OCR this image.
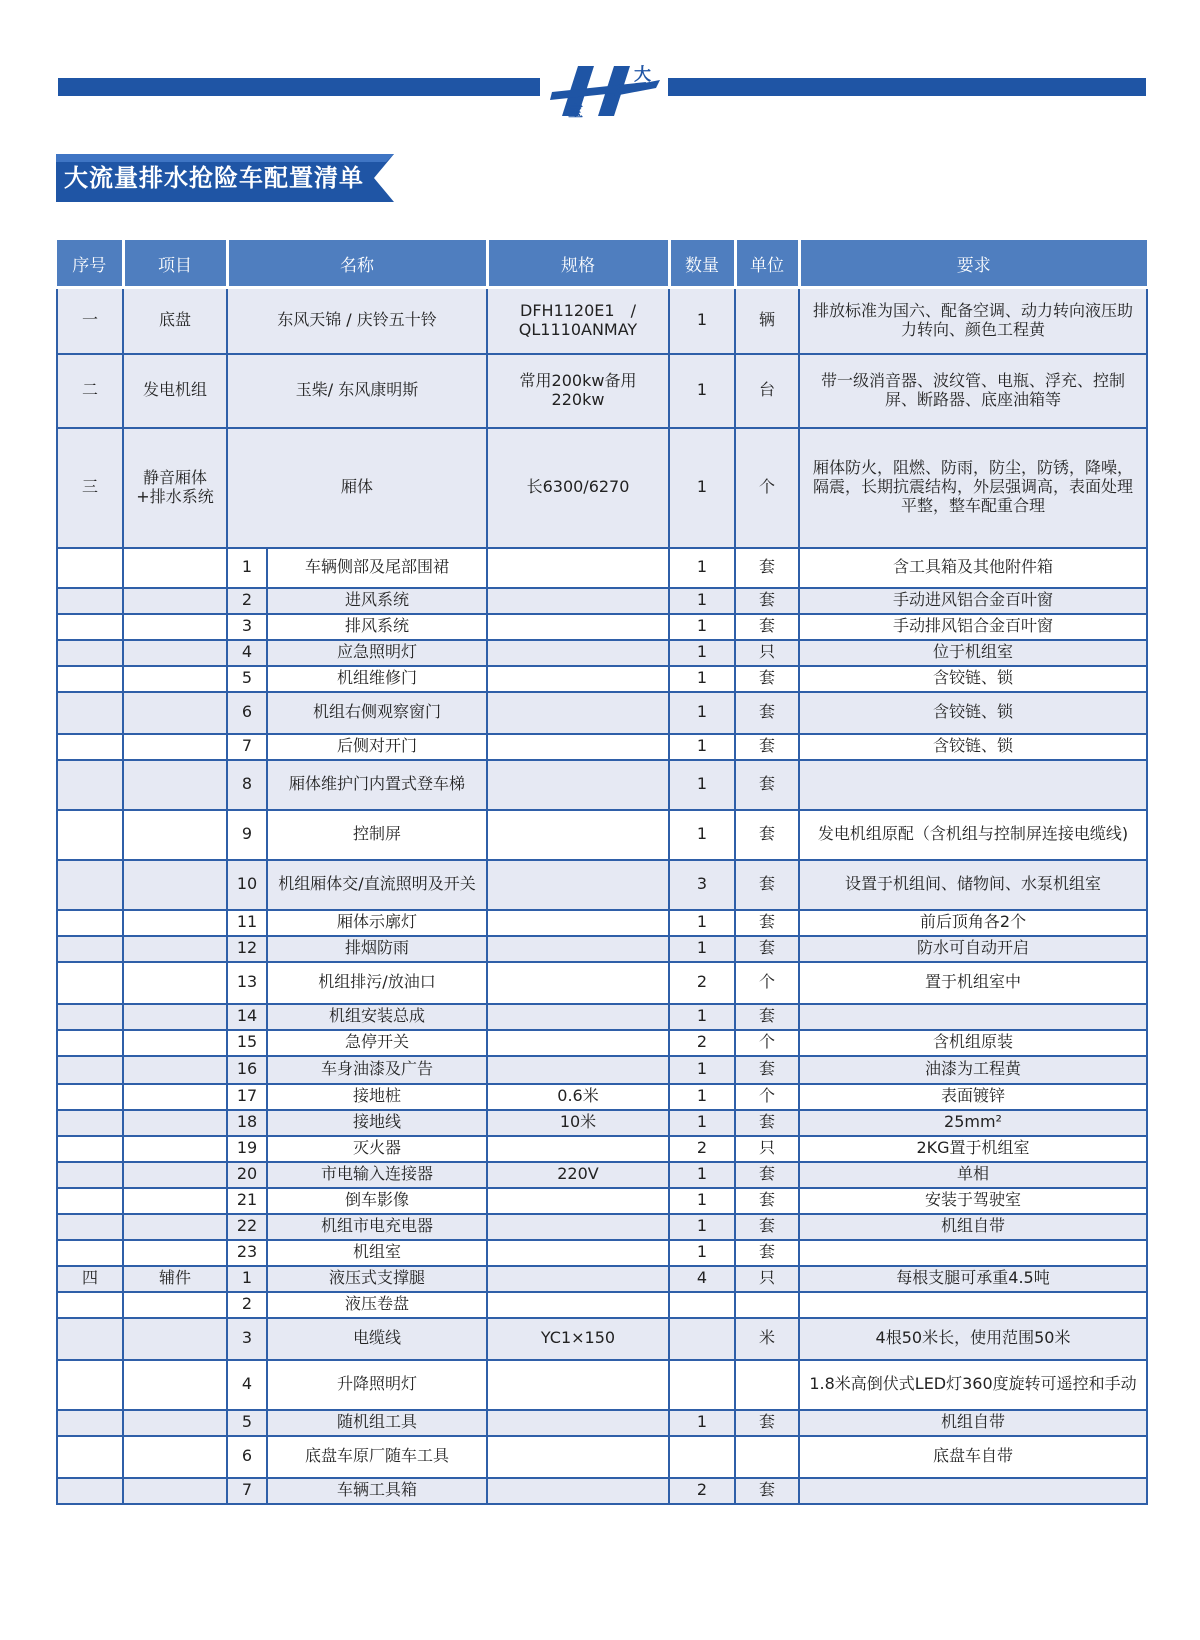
大
宝
大流量排水抢险车配置清单
序号	项目	名称		规格	数量	单位	要求
一	底盘	东风天锦 / 庆铃五十铃		DFH1120E1　/ QL1110ANMAY	1	辆	排放标准为国六、配备空调、动力转向液压助力转向、颜色工程黄
二	发电机组	玉柴/ 东风康明斯		常用200kw备用220kw	1	台	带一级消音器、波纹管、电瓶、浮充、控制屏、断路器、底座油箱等
三	静音厢体+排水系统	厢体		长6300/6270	1	个	厢体防火，阻燃、防雨，防尘，防锈，降噪，隔震，长期抗震结构，外层强调高，表面处理平整，整车配重合理
		1	车辆侧部及尾部围裙		1	套	含工具箱及其他附件箱
		2	进风系统		1	套	手动进风铝合金百叶窗
		3	排风系统		1	套	手动排风铝合金百叶窗
		4	应急照明灯		1	只	位于机组室
		5	机组维修门		1	套	含铰链、锁
		6	机组右侧观察窗门		1	套	含铰链、锁
		7	后侧对开门		1	套	含铰链、锁
		8	厢体维护门内置式登车梯		1	套	
		9	控制屏		1	套	发电机组原配（含机组与控制屏连接电缆线)
		10	机组厢体交/直流照明及开关		3	套	设置于机组间、储物间、水泵机组室
		11	厢体示廓灯		1	套	前后顶角各2个
		12	排烟防雨		1	套	防水可自动开启
		13	机组排污/放油口		2	个	置于机组室中
		14	机组安装总成		1	套	
		15	急停开关		2	个	含机组原装
		16	车身油漆及广告		1	套	油漆为工程黄
		17	接地桩	0.6米	1	个	表面镀锌
		18	接地线	10米	1	套	25mm²
		19	灭火器		2	只	2KG置于机组室
		20	市电输入连接器	220V	1	套	单相
		21	倒车影像		1	套	安装于驾驶室
		22	机组市电充电器		1	套	机组自带
		23	机组室		1	套	
四	辅件	1	液压式支撑腿		4	只	每根支腿可承重4.5吨
		2	液压卷盘				
		3	电缆线	YC1×150		米	4根50米长，使用范围50米
		4	升降照明灯				1.8米高倒伏式LED灯360度旋转可遥控和手动
		5	随机组工具		1	套	机组自带
		6	底盘车原厂随车工具				底盘车自带
		7	车辆工具箱		2	套	
